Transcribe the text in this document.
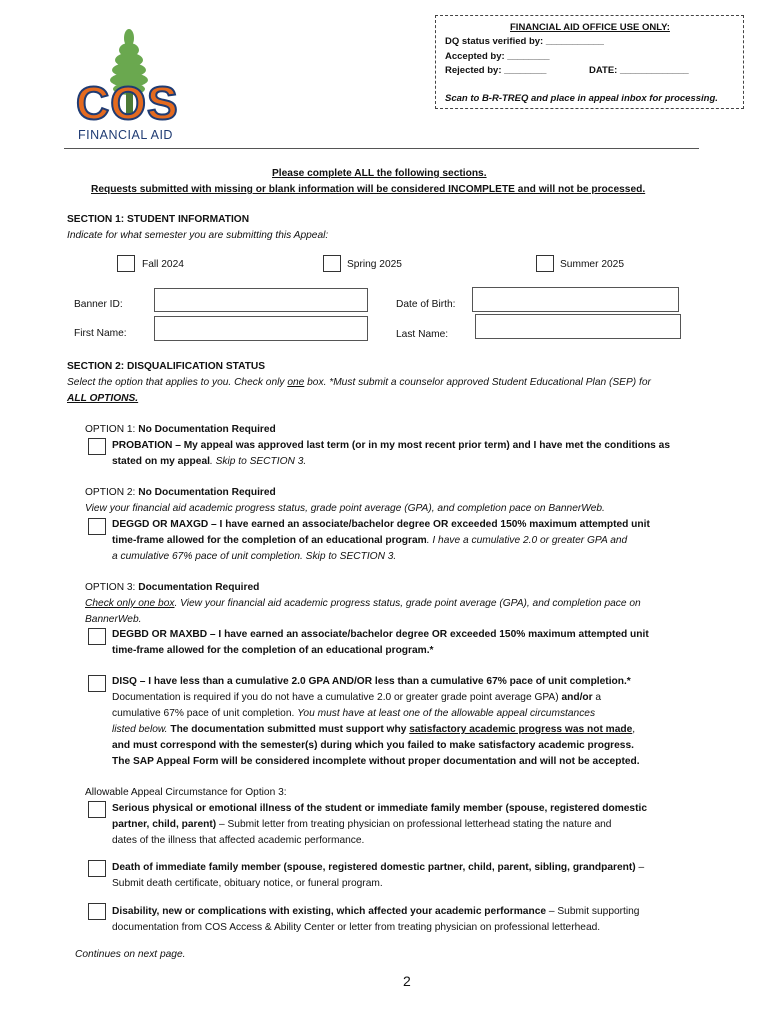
COS
FINANCIAL AID
FINANCIAL AID OFFICE USE ONLY:
DQ status verified by: ___________
Accepted by: ________
Rejected by: ________	DATE: _____________
Scan to B-R-TREQ and place in appeal inbox for processing.
Please complete ALL the following sections.
Requests submitted with missing or blank information will be considered INCOMPLETE and will not be processed.
SECTION 1: STUDENT INFORMATION
Indicate for what semester you are submitting this Appeal:
Fall 2024	Spring 2025	Summer 2025
Banner ID:	Date of Birth:
First Name:	Last Name:
SECTION 2: DISQUALIFICATION STATUS
Select the option that applies to you. Check only one box. *Must submit a counselor approved Student Educational Plan (SEP) for
ALL OPTIONS.
OPTION 1: No Documentation Required
PROBATION – My appeal was approved last term (or in my most recent prior term) and I have met the conditions as
stated on my appeal. Skip to SECTION 3.
OPTION 2: No Documentation Required
View your financial aid academic progress status, grade point average (GPA), and completion pace on BannerWeb.
DEGGD OR MAXGD – I have earned an associate/bachelor degree OR exceeded 150% maximum attempted unit
time-frame allowed for the completion of an educational program. I have a cumulative 2.0 or greater GPA and
a cumulative 67% pace of unit completion. Skip to SECTION 3.
OPTION 3: Documentation Required
Check only one box. View your financial aid academic progress status, grade point average (GPA), and completion pace on
BannerWeb.
DEGBD OR MAXBD – I have earned an associate/bachelor degree OR exceeded 150% maximum attempted unit
time-frame allowed for the completion of an educational program.*
DISQ – I have less than a cumulative 2.0 GPA AND/OR less than a cumulative 67% pace of unit completion.*
Documentation is required if you do not have a cumulative 2.0 or greater grade point average GPA) and/or a
cumulative 67% pace of unit completion. You must have at least one of the allowable appeal circumstances
listed below. The documentation submitted must support why satisfactory academic progress was not made,
and must correspond with the semester(s) during which you failed to make satisfactory academic progress.
The SAP Appeal Form will be considered incomplete without proper documentation and will not be accepted.
Allowable Appeal Circumstance for Option 3:
Serious physical or emotional illness of the student or immediate family member (spouse, registered domestic
partner, child, parent) – Submit letter from treating physician on professional letterhead stating the nature and
dates of the illness that affected academic performance.
Death of immediate family member (spouse, registered domestic partner, child, parent, sibling, grandparent) –
Submit death certificate, obituary notice, or funeral program.
Disability, new or complications with existing, which affected your academic performance – Submit supporting
documentation from COS Access & Ability Center or letter from treating physician on professional letterhead.
Continues on next page.
2
